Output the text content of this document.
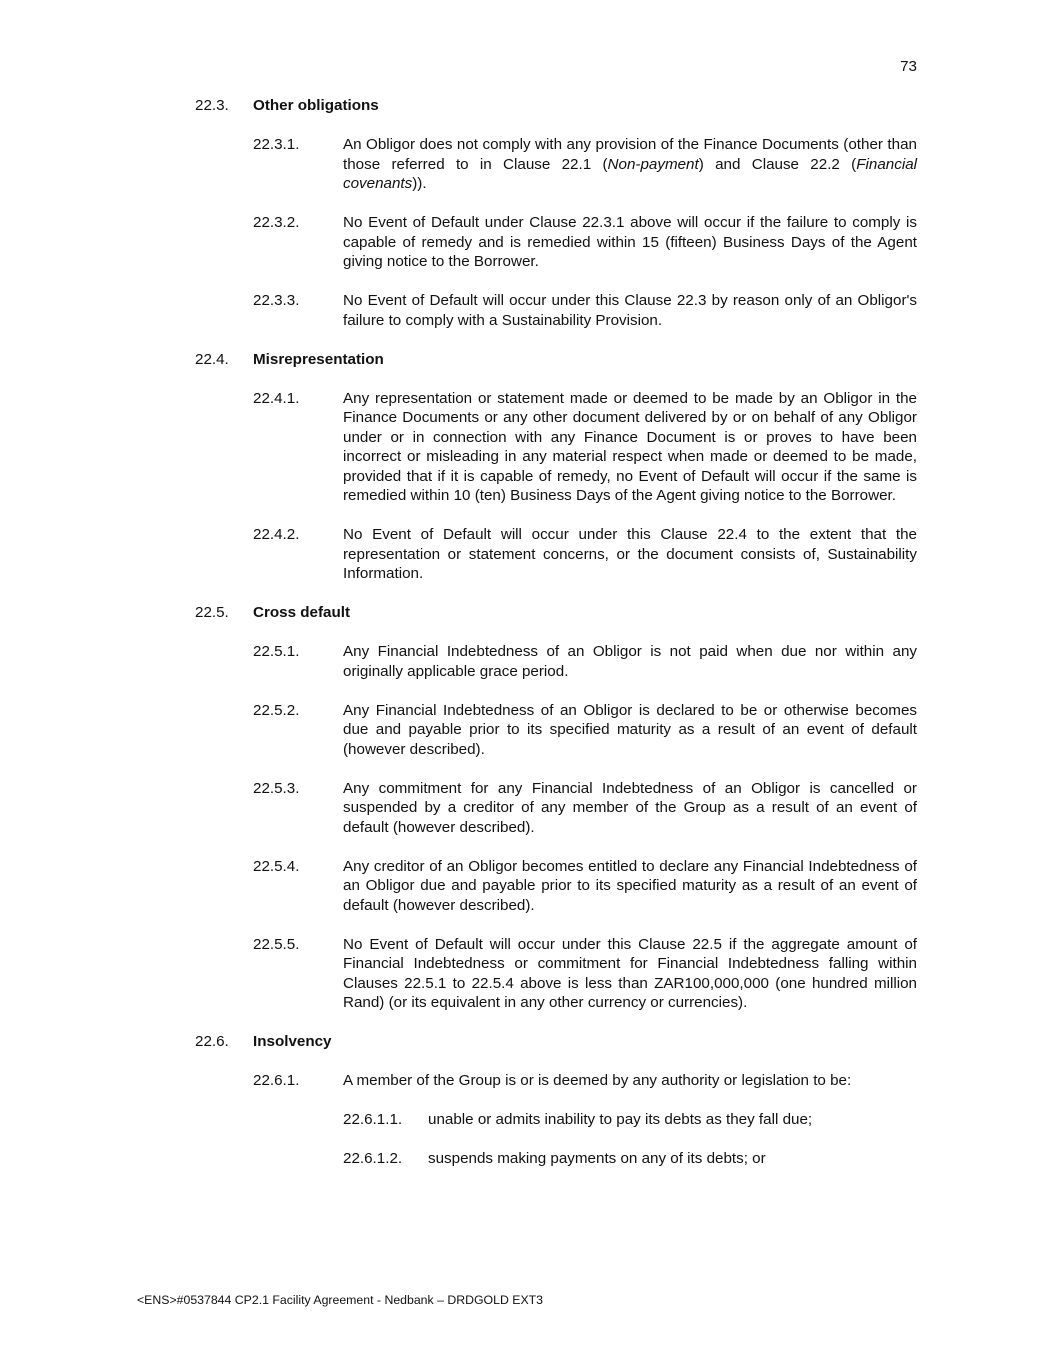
73
22.3.	Other obligations
22.3.1.	An Obligor does not comply with any provision of the Finance Documents (other than those referred to in Clause 22.1 (Non-payment) and Clause 22.2 (Financial covenants)).
22.3.2.	No Event of Default under Clause 22.3.1 above will occur if the failure to comply is capable of remedy and is remedied within 15 (fifteen) Business Days of the Agent giving notice to the Borrower.
22.3.3.	No Event of Default will occur under this Clause 22.3 by reason only of an Obligor's failure to comply with a Sustainability Provision.
22.4.	Misrepresentation
22.4.1.	Any representation or statement made or deemed to be made by an Obligor in the Finance Documents or any other document delivered by or on behalf of any Obligor under or in connection with any Finance Document is or proves to have been incorrect or misleading in any material respect when made or deemed to be made, provided that if it is capable of remedy, no Event of Default will occur if the same is remedied within 10 (ten) Business Days of the Agent giving notice to the Borrower.
22.4.2.	No Event of Default will occur under this Clause 22.4 to the extent that the representation or statement concerns, or the document consists of, Sustainability Information.
22.5.	Cross default
22.5.1.	Any Financial Indebtedness of an Obligor is not paid when due nor within any originally applicable grace period.
22.5.2.	Any Financial Indebtedness of an Obligor is declared to be or otherwise becomes due and payable prior to its specified maturity as a result of an event of default (however described).
22.5.3.	Any commitment for any Financial Indebtedness of an Obligor is cancelled or suspended by a creditor of any member of the Group as a result of an event of default (however described).
22.5.4.	Any creditor of an Obligor becomes entitled to declare any Financial Indebtedness of an Obligor due and payable prior to its specified maturity as a result of an event of default (however described).
22.5.5.	No Event of Default will occur under this Clause 22.5 if the aggregate amount of Financial Indebtedness or commitment for Financial Indebtedness falling within Clauses 22.5.1 to 22.5.4 above is less than ZAR100,000,000 (one hundred million Rand) (or its equivalent in any other currency or currencies).
22.6.	Insolvency
22.6.1.	A member of the Group is or is deemed by any authority or legislation to be:
22.6.1.1.	unable or admits inability to pay its debts as they fall due;
22.6.1.2.	suspends making payments on any of its debts; or
<ENS>#0537844 CP2.1 Facility Agreement - Nedbank – DRDGOLD EXT3
